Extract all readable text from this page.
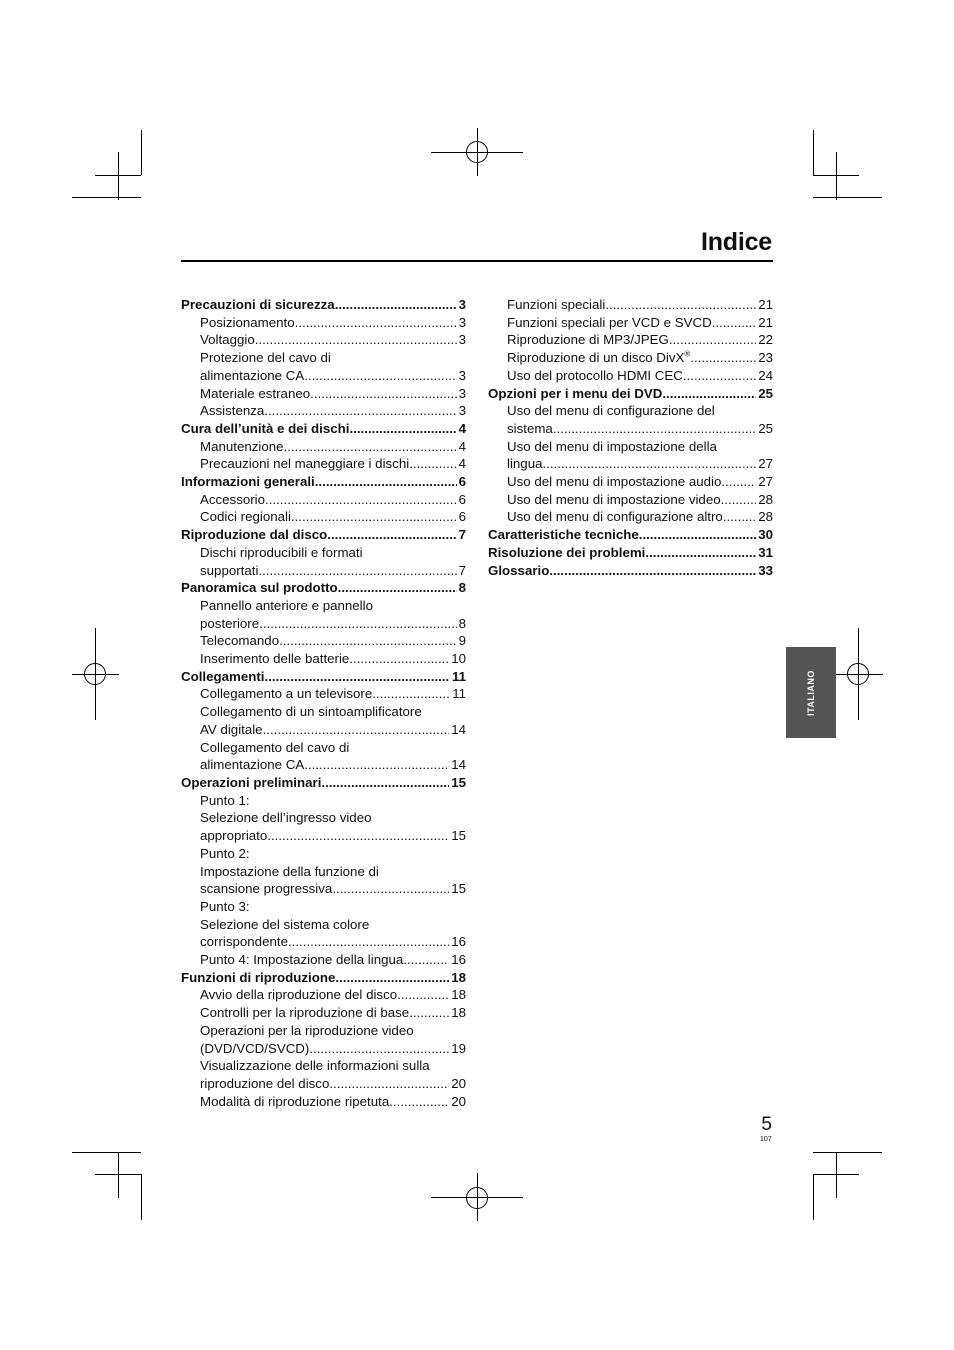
Indice
Precauzioni di sicurezza .....	3
Posizionamento .....	3
Voltaggio .....	3
Protezione del cavo di
alimentazione CA .....	3
Materiale estraneo .....	3
Assistenza .....	3
Cura dell’unità e dei dischi .....	4
Manutenzione .....	4
Precauzioni nel maneggiare i dischi .....	4
Informazioni generali .....	6
Accessorio .....	6
Codici regionali .....	6
Riproduzione dal disco .....	7
Dischi riproducibili e formati
supportati .....	7
Panoramica sul prodotto .....	8
Pannello anteriore e pannello
posteriore .....	8
Telecomando .....	9
Inserimento delle batterie .....	10
Collegamenti .....	11
Collegamento a un televisore .....	11
Collegamento di un sintoamplificatore
AV digitale .....	14
Collegamento del cavo di
alimentazione CA .....	14
Operazioni preliminari .....	15
Punto 1:
Selezione dell’ingresso video
appropriato .....	15
Punto 2:
Impostazione della funzione di
scansione progressiva .....	15
Punto 3:
Selezione del sistema colore
corrispondente .....	16
Punto 4: Impostazione della lingua .....	16
Funzioni di riproduzione .....	18
Avvio della riproduzione del disco .....	18
Controlli per la riproduzione di base .....	18
Operazioni per la riproduzione video
(DVD/VCD/SVCD) .....	19
Visualizzazione delle informazioni sulla
riproduzione del disco .....	20
Modalità di riproduzione ripetuta .....	20
Funzioni speciali .....	21
Funzioni speciali per VCD e SVCD .....	21
Riproduzione di MP3/JPEG .....	22
Riproduzione di un disco DivX® .....	23
Uso del protocollo HDMI CEC .....	24
Opzioni per i menu dei DVD .....	25
Uso del menu di configurazione del
sistema .....	25
Uso del menu di impostazione della
lingua .....	27
Uso del menu di impostazione audio .....	27
Uso del menu di impostazione video .....	28
Uso del menu di configurazione altro .....	28
Caratteristiche tecniche .....	30
Risoluzione dei problemi .....	31
Glossario .....	33
ITALIANO
5
107
